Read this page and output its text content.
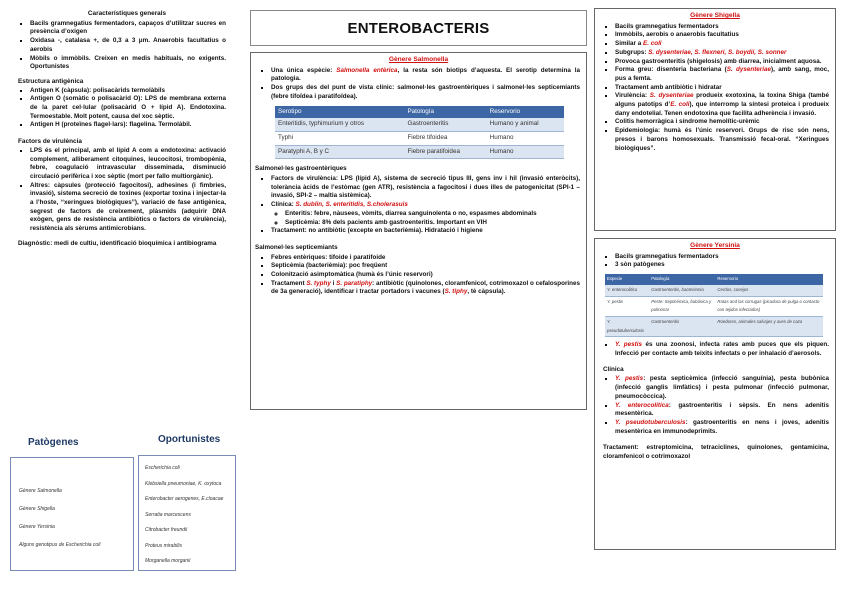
Característiques generals
▪ Bacils gramnegatius fermentadors, capaços d’utilitzar sucres en presència d’oxigen
▪ Oxidasa -, catalasa +, de 0,3 a 3 μm. Anaerobis facultatius o aerobis
▪ Mòbils o immòbils. Creixen en medis habituals, no exigents. Oportunistes
Estructura antigènica
▪ Antigen K (càpsula): polisacàrids termolàbils
▪ Antigen O (somàtic o polisacàrid O): LPS de membrana externa de la paret cel·lular (polisacàrid O + lípid A). Endotoxina. Termoestable. Molt potent, causa del xoc sèptic.
▪ Antigen H (proteïnes flagel·lars): flagelina. Termolàbil.
Factors de virulència
▪ LPS és el principal, amb el lípid A com a endotoxina: activació complement, alliberament citoquines, leucocitosi, trombopènia, febre, coagulació intravascular disseminada, disminució circulació perifèrica i xoc sèptic (mort per fallo multiorgànic).
▪ Altres: càpsules (protecció fagocitosi), adhesines (i fimbries, invasió), sistema secreció de toxines (exportar toxina i injectar-la a l’hoste, “xeringues biològiques”), variació de fase antigènica, segrest de factors de creixement, plàsmids (adquirir DNA exògen, gens de resistència antibiòtics o factors de virulència), resistència als sèrums antimicrobians.
Diagnòstic: medi de cultiu, identificació bioquímica i antibiograma
Patògenes	Oportunistes
Gènere Salmonella
Gènere Shigella
Gènere Yersinia
Alguns genotipus de Escherichia coli
Escherichia coli
Klebsiella pneumoniae, K. oxytoca
Enterobacter aerogenes, E.cloacae
Serratia marcescens
Citrobacter freundii
Proteus mirabilis
Morganella morganii
ENTEROBACTERIS
Gènere Salmonella
▪ Una única espècie: Salmonella entèrica, la resta són biotips d’aquesta. El serotip determina la patologia.
▪ Dos grups des del punt de vista clínic: salmonel·les gastroentèriques i salmonel·les septicemiants (febre tifoïdea i paratifoïdea).
Serotipo	Patología	Reservorio
Enteritidis, typhimurium y otros	Gastroenteritis	Humano y animal
Typhi	Fiebre tifoidea	Humano
Paratyphi A, B y C	Fiebre paratifoidea	Humano
Salmonel·les gastroentèriques
▪ Factors de virulència: LPS (lípid A), sistema de secreció tipus III, gens inv i hil (invasió enteròcits), tolerància àcids de l’estòmac (gen ATR), resistència a fagocitosi i dues illes de patogenicitat (SPI-1 – invasió, SPI-2 – maltia sistèmica).
▪ Clínica: S. dublin, S. enteritidis, S.cholerasuis
◦ Enteritis: febre, nàusees, vòmits, diarrea sanguinolenta o no, espasmes abdominals
◦ Septicèmia: 8% dels pacients amb gastroenteritis. Important en VIH
▪ Tractament: no antibiòtic (excepte en bacterièmia). Hidratació i higiene
Salmonel·les septicemiants
▪ Febres entèriques: tifoide i paratifoide
▪ Septicèmia (bacterièmia): poc freqüent
▪ Colonització asimptomàtica (humà és l’únic reservori)
▪ Tractament S. typhy i S. paratiphy: antibiòtic (quinolones, cloramfenicol, cotrimoxazol o cefalosporines de 3a generació), identificar i tractar portadors i vacunes (S. tiphy, tè càpsula).
Gènere Shigella
▪ Bacils gramnegatius fermentadors
▪ Immòbils, aerobis o anaerobis facultatius
▪ Similar a E. coli
▪ Subgrups: S. dysenteriae, S. flexneri, S. boydii, S. sonner
▪ Provoca gastroenteritis (shigelosis) amb diarrea, inicialment aquosa.
▪ Forma greu: disenteria bacteriana (S. dysenteriae), amb sang, moc, pus a femta.
▪ Tractament amb antibiòtic i hidratar
▪ Virulència: S. dysenteriae produeix exotoxina, la toxina Shiga (també alguns patotips d’E. coli), que interromp la síntesi proteica i produeix dany endotelial. Tenen endotoxina que facilita adherència i invasió.
▪ Colitis hemorràgica i síndrome hemolític-urèmic
▪ Epidemiologia: humà és l’únic reservori. Grups de risc són nens, presos i barons homosexuals. Transmissió fecal-oral. “Xeringues biològiques”.
Gènere Yersinia
▪ Bacils gramnegatius fermentadors
▪ 3 sòn patògenes
Especie	Patología	Reservorio
Y. enterocolitica	Gastroenteritis, bacteriemia	Cerdos, conejos
Y. pestis	Peste: Septicémica, bubónica y pulmonar	Ratas and las corrugas (picadura de pulga o contacto con tejidos infectados)
Y. pseudotuberculosis	Gastroenteritis	Roedores, animales salvajes y aves de caza
▪ Y. pestis és una zoonosi, infecta rates amb puces que els piquen. Infecció per contacte amb teixits infectats o per inhalació d’aerosols.
Clínica
▪ Y. pestis: pesta septicèmica (infecció sanguínia), pesta bubònica (infecció ganglis limfàtics) i pesta pulmonar (infecció pulmonar, pneumocòccica).
▪ Y. enterocolítica: gastroenteritis i sèpsis. En nens adenitis mesentèrica.
▪ Y. pseudotuberculosis: gastroenteritis en nens i joves, adenitis mesentèrica en immunodeprimits.
Tractament: estreptomicina, tetraciclines, quinolones, gentamicina, cloramfenicol o cotrimoxazol
